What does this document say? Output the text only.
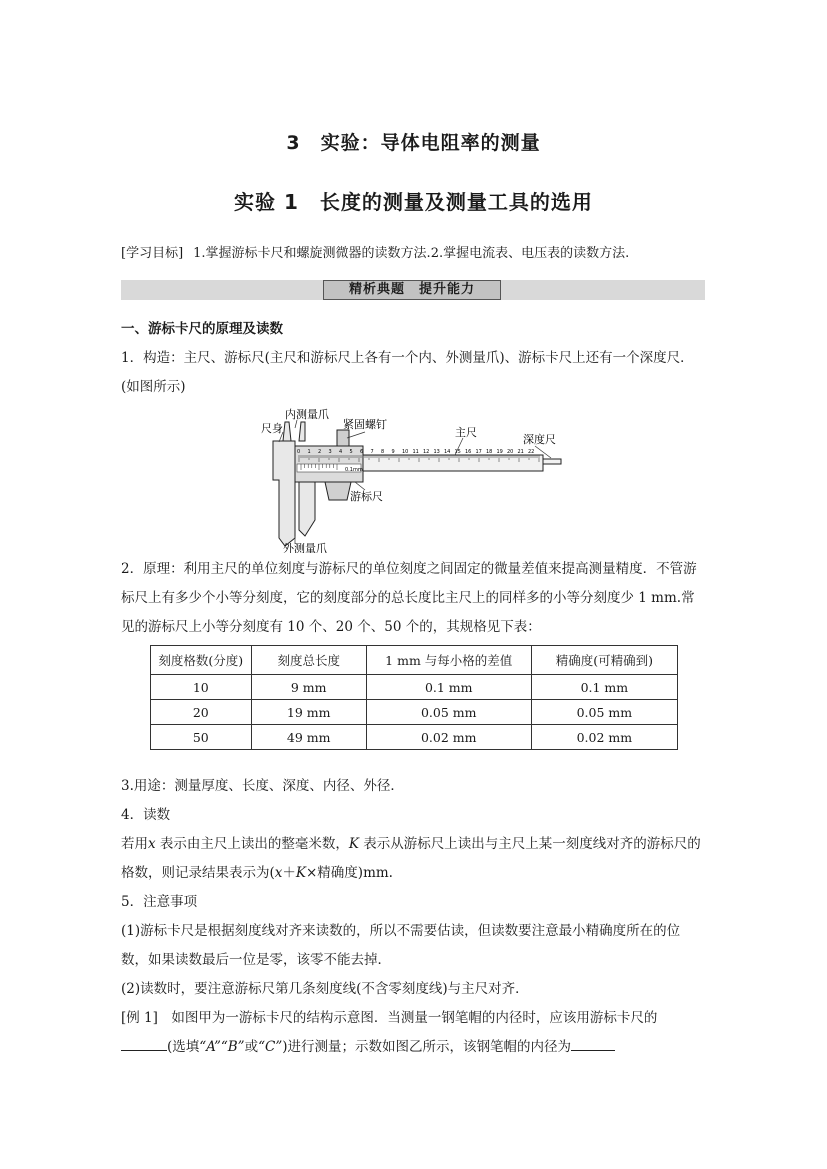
3　实验：导体电阻率的测量
实验 1　长度的测量及测量工具的选用
[学习目标] 1.掌握游标卡尺和螺旋测微器的读数方法.2.掌握电流表、电压表的读数方法.
精析典题　提升能力
一、游标卡尺的原理及读数
1．构造：主尺、游标尺(主尺和游标尺上各有一个内、外测量爪)、游标卡尺上还有一个深度尺．(如图所示)
0 1 2 3 4 5 6 7 8 9 10 11 12 13 14 15 16 17 18 19 20 21 22
0.1mm
内测量爪
尺身	紧固螺钉
主尺
深度尺
游标尺
外测量爪
2．原理：利用主尺的单位刻度与游标尺的单位刻度之间固定的微量差值来提高测量精度．不管游标尺上有多少个小等分刻度，它的刻度部分的总长度比主尺上的同样多的小等分刻度少 1 mm.常见的游标尺上小等分刻度有 10 个、20 个、50 个的，其规格见下表：
刻度格数(分度)	刻度总长度	1 mm 与每小格的差值	精确度(可精确到)
10	9 mm	0.1 mm	0.1 mm
20	19 mm	0.05 mm	0.05 mm
50	49 mm	0.02 mm	0.02 mm
3.用途：测量厚度、长度、深度、内径、外径．
4．读数
若用x 表示由主尺上读出的整毫米数，K 表示从游标尺上读出与主尺上某一刻度线对齐的游标尺的格数，则记录结果表示为(x＋K×精确度)mm.
5．注意事项
(1)游标卡尺是根据刻度线对齐来读数的，所以不需要估读，但读数要注意最小精确度所在的位数，如果读数最后一位是零，该零不能去掉．
(2)读数时，要注意游标尺第几条刻度线(不含零刻度线)与主尺对齐．
[例 1]　如图甲为一游标卡尺的结构示意图．当测量一钢笔帽的内径时，应该用游标卡尺的
(选填“A”“B”或“C”)进行测量；示数如图乙所示，该钢笔帽的内径为
